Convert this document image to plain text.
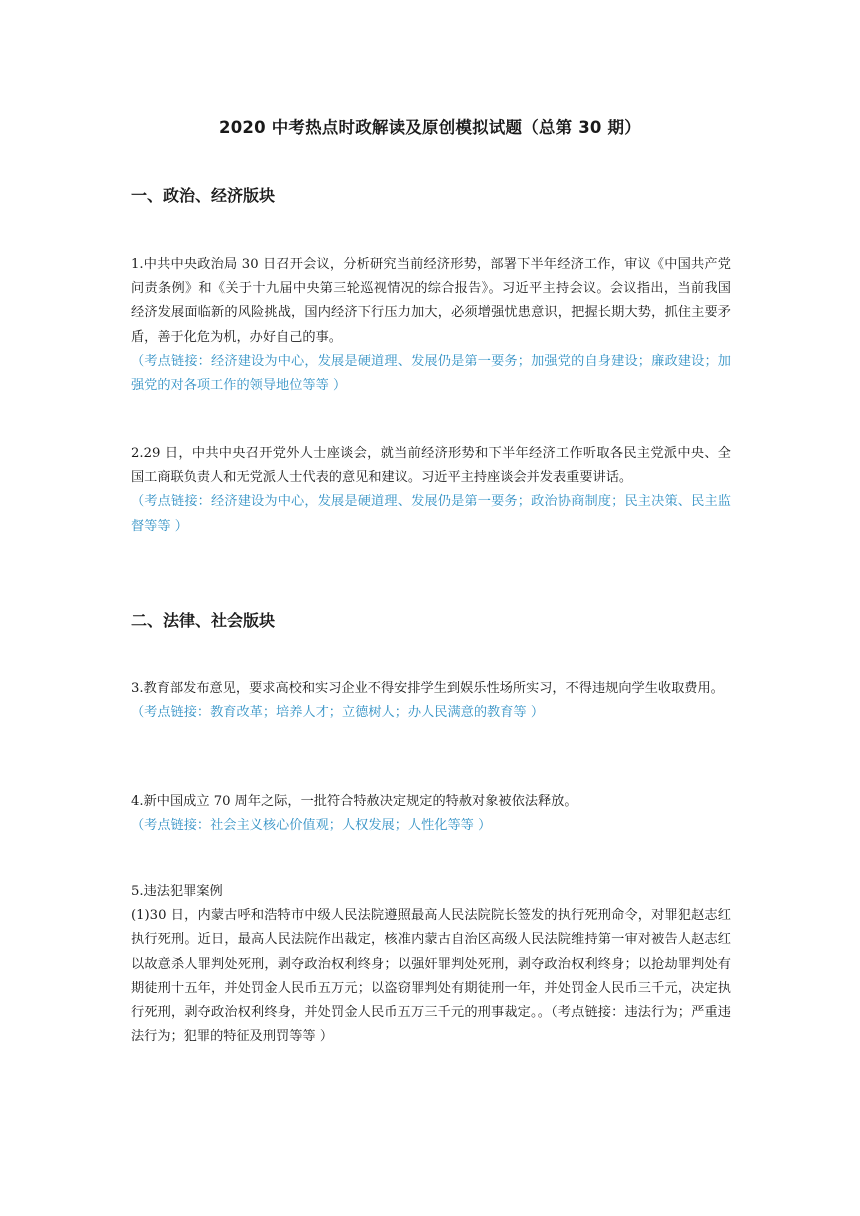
2020 中考热点时政解读及原创模拟试题（总第 30 期）
一、政治、经济版块

1.中共中央政治局 30 日召开会议，分析研究当前经济形势，部署下半年经济工作，审议《中国共产党问责条例》和《关于十九届中央第三轮巡视情况的综合报告》。习近平主持会议。会议指出，当前我国经济发展面临新的风险挑战，国内经济下行压力加大，必须增强忧患意识，把握长期大势，抓住主要矛盾，善于化危为机，办好自己的事。

（考点链接：经济建设为中心，发展是硬道理、发展仍是第一要务；加强党的自身建设；廉政建设；加强党的对各项工作的领导地位等等 ）

2.29 日，中共中央召开党外人士座谈会，就当前经济形势和下半年经济工作听取各民主党派中央、全国工商联负责人和无党派人士代表的意见和建议。习近平主持座谈会并发表重要讲话。

（考点链接：经济建设为中心，发展是硬道理、发展仍是第一要务；政治协商制度；民主决策、民主监督等等 ）

二、法律、社会版块

3.教育部发布意见，要求高校和实习企业不得安排学生到娱乐性场所实习，不得违规向学生收取费用。

（考点链接：教育改革；培养人才；立德树人；办人民满意的教育等 ）

4.新中国成立 70 周年之际，一批符合特赦决定规定的特赦对象被依法释放。

（考点链接：社会主义核心价值观；人权发展；人性化等等 ）

5.违法犯罪案例

(1)30 日，内蒙古呼和浩特市中级人民法院遵照最高人民法院院长签发的执行死刑命令，对罪犯赵志红执行死刑。近日，最高人民法院作出裁定，核准内蒙古自治区高级人民法院维持第一审对被告人赵志红以故意杀人罪判处死刑，剥夺政治权利终身；以强奸罪判处死刑，剥夺政治权利终身；以抢劫罪判处有期徒刑十五年，并处罚金人民币五万元；以盗窃罪判处有期徒刑一年，并处罚金人民币三千元，决定执行死刑，剥夺政治权利终身，并处罚金人民币五万三千元的刑事裁定。。（考点链接：违法行为；严重违法行为；犯罪的特征及刑罚等等 ）
